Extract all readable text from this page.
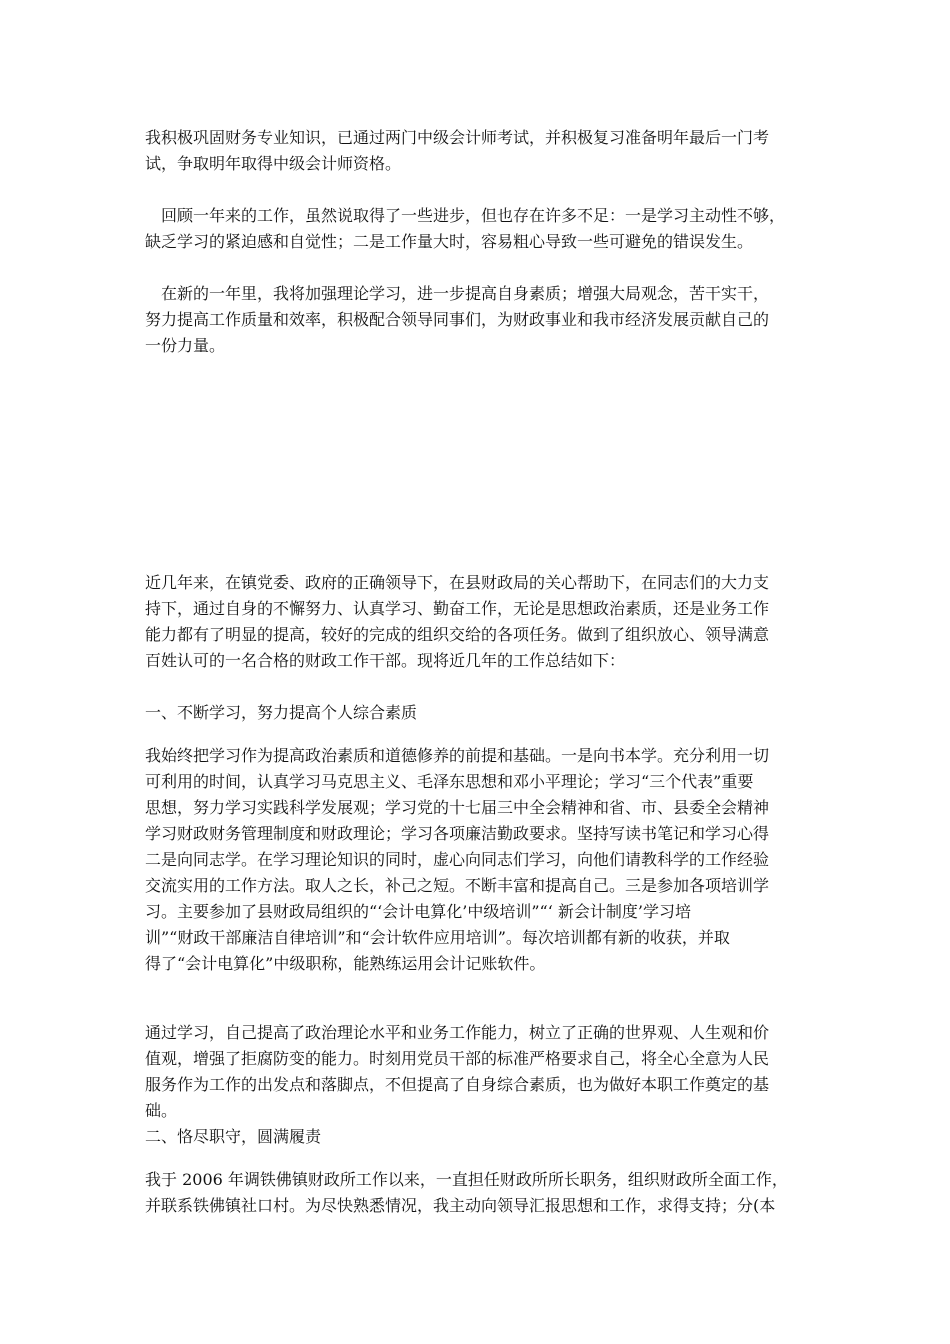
我积极巩固财务专业知识，已通过两门中级会计师考试，并积极复习准备明年最后一门考
试，争取明年取得中级会计师资格。
　回顾一年来的工作，虽然说取得了一些进步，但也存在许多不足：一是学习主动性不够，
缺乏学习的紧迫感和自觉性；二是工作量大时，容易粗心导致一些可避免的错误发生。
　在新的一年里，我将加强理论学习，进一步提高自身素质；增强大局观念，苦干实干，
努力提高工作质量和效率，积极配合领导同事们，为财政事业和我市经济发展贡献自己的
一份力量。
近几年来，在镇党委、政府的正确领导下，在县财政局的关心帮助下，在同志们的大力支
持下，通过自身的不懈努力、认真学习、勤奋工作，无论是思想政治素质，还是业务工作
能力都有了明显的提高，较好的完成的组织交给的各项任务。做到了组织放心、领导满意
百姓认可的一名合格的财政工作干部。现将近几年的工作总结如下：
一、不断学习，努力提高个人综合素质
我始终把学习作为提高政治素质和道德修养的前提和基础。一是向书本学。充分利用一切
可利用的时间，认真学习马克思主义、毛泽东思想和邓小平理论；学习“三个代表”重要
思想，努力学习实践科学发展观；学习党的十七届三中全会精神和省、市、县委全会精神
学习财政财务管理制度和财政理论；学习各项廉洁勤政要求。坚持写读书笔记和学习心得
二是向同志学。在学习理论知识的同时，虚心向同志们学习，向他们请教科学的工作经验
交流实用的工作方法。取人之长，补己之短。不断丰富和提高自己。三是参加各项培训学
习。主要参加了县财政局组织的“‘会计电算化’中级培训”“‘ 新会计制度’学习培
训”“财政干部廉洁自律培训”和“会计软件应用培训”。每次培训都有新的收获，并取
得了“会计电算化”中级职称，能熟练运用会计记账软件。
通过学习，自己提高了政治理论水平和业务工作能力，树立了正确的世界观、人生观和价
值观，增强了拒腐防变的能力。时刻用党员干部的标准严格要求自己，将全心全意为人民
服务作为工作的出发点和落脚点，不但提高了自身综合素质，也为做好本职工作奠定的基
础。
二、恪尽职守，圆满履责
我于 2006 年调铁佛镇财政所工作以来，一直担任财政所所长职务，组织财政所全面工作，
并联系铁佛镇社口村。为尽快熟悉情况，我主动向领导汇报思想和工作，求得支持；分(本
